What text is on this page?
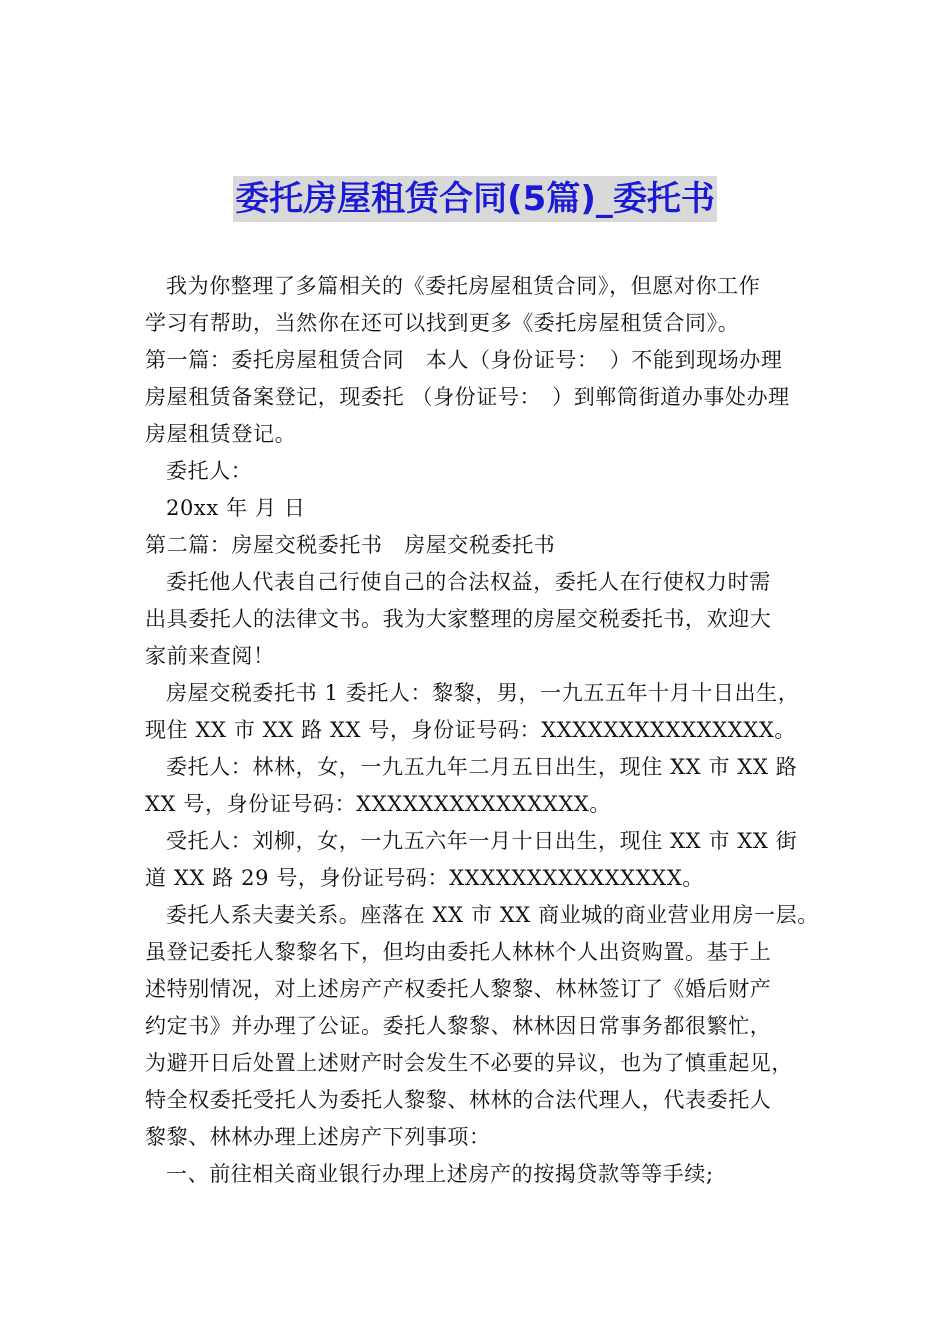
委托房屋租赁合同(5篇)_委托书

我为你整理了多篇相关的《委托房屋租赁合同》，但愿对你工作

学习有帮助，当然你在还可以找到更多《委托房屋租赁合同》。

第一篇：委托房屋租赁合同　本人（身份证号：　）不能到现场办理

房屋租赁备案登记，现委托 （身份证号：　）到郸筒街道办事处办理

房屋租赁登记。

委托人：

20xx 年 月 日

第二篇：房屋交税委托书　房屋交税委托书

委托他人代表自己行使自己的合法权益，委托人在行使权力时需

出具委托人的法律文书。我为大家整理的房屋交税委托书，欢迎大

家前来查阅！

房屋交税委托书 1 委托人：黎黎，男，一九五五年十月十日出生，

现住 XX 市 XX 路 XX 号，身份证号码：XXXXXXXXXXXXXXX。

委托人：林林，女，一九五九年二月五日出生，现住 XX 市 XX 路

XX 号，身份证号码：XXXXXXXXXXXXXXX。

受托人：刘柳，女，一九五六年一月十日出生，现住 XX 市 XX 街

道 XX 路 29 号，身份证号码：XXXXXXXXXXXXXXX。

委托人系夫妻关系。座落在 XX 市 XX 商业城的商业营业用房一层。

虽登记委托人黎黎名下，但均由委托人林林个人出资购置。基于上

述特别情况，对上述房产产权委托人黎黎、林林签订了《婚后财产

约定书》并办理了公证。委托人黎黎、林林因日常事务都很繁忙，

为避开日后处置上述财产时会发生不必要的异议，也为了慎重起见，

特全权委托受托人为委托人黎黎、林林的合法代理人，代表委托人

黎黎、林林办理上述房产下列事项：

一、前往相关商业银行办理上述房产的按揭贷款等等手续;
